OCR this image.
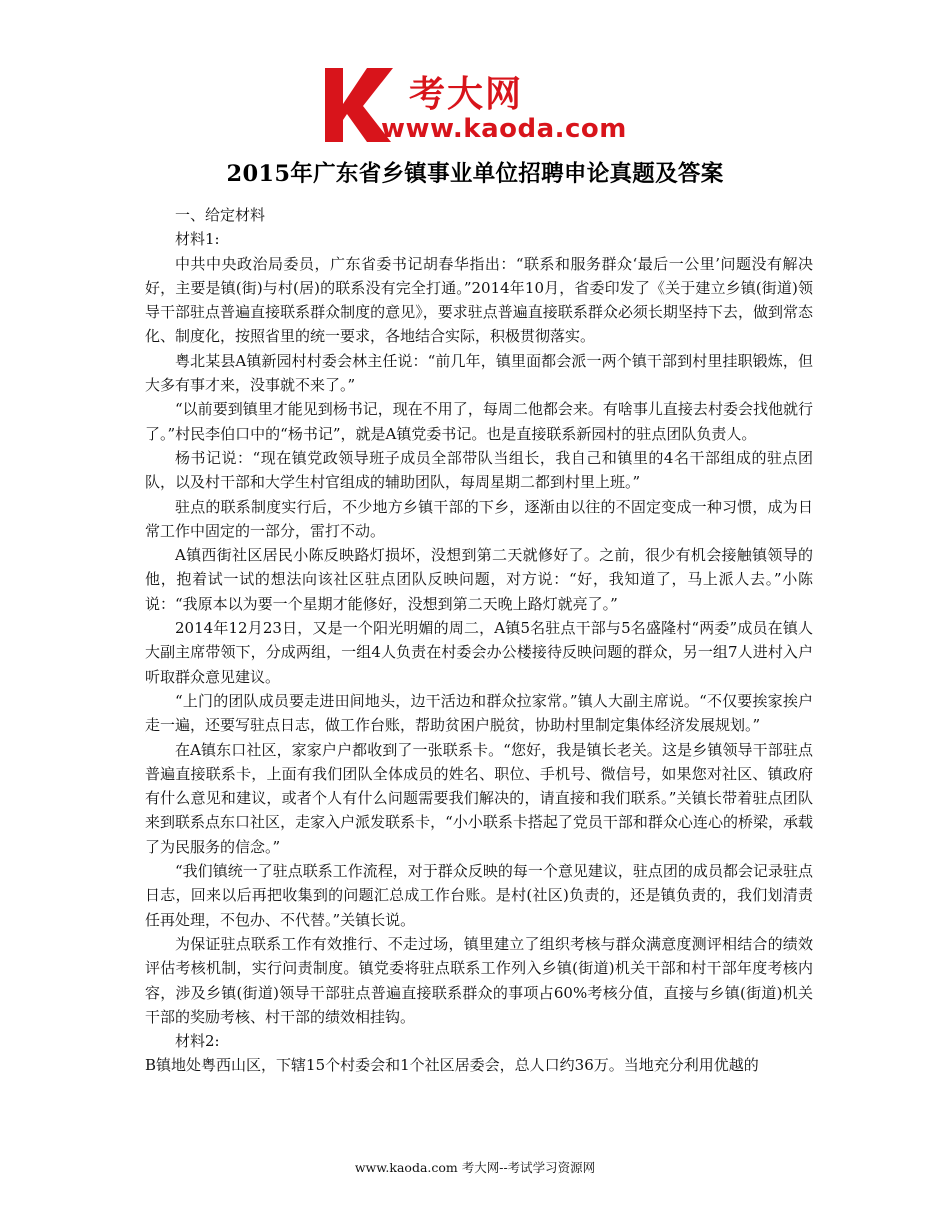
考大网
www.kaoda.com
2015年广东省乡镇事业单位招聘申论真题及答案

一、给定材料

材料1:

中共中央政治局委员，广东省委书记胡春华指出：“联系和服务群众‘最后一公里’问题没有解决好，主要是镇(街)与村(居)的联系没有完全打通。”2014年10月，省委印发了《关于建立乡镇(街道)领导干部驻点普遍直接联系群众制度的意见》，要求驻点普遍直接联系群众必须长期坚持下去，做到常态化、制度化，按照省里的统一要求，各地结合实际，积极贯彻落实。

粤北某县A镇新园村村委会林主任说：“前几年，镇里面都会派一两个镇干部到村里挂职锻炼，但大多有事才来，没事就不来了。”

“以前要到镇里才能见到杨书记，现在不用了，每周二他都会来。有啥事儿直接去村委会找他就行了。”村民李伯口中的“杨书记”，就是A镇党委书记。也是直接联系新园村的驻点团队负责人。

杨书记说：“现在镇党政领导班子成员全部带队当组长，我自己和镇里的4名干部组成的驻点团队，以及村干部和大学生村官组成的辅助团队，每周星期二都到村里上班。”

驻点的联系制度实行后，不少地方乡镇干部的下乡，逐渐由以往的不固定变成一种习惯，成为日常工作中固定的一部分，雷打不动。

A镇西街社区居民小陈反映路灯损坏，没想到第二天就修好了。之前，很少有机会接触镇领导的他，抱着试一试的想法向该社区驻点团队反映问题，对方说：“好，我知道了，马上派人去。”小陈说：“我原本以为要一个星期才能修好，没想到第二天晚上路灯就亮了。”

2014年12月23日，又是一个阳光明媚的周二，A镇5名驻点干部与5名盛隆村“两委”成员在镇人大副主席带领下，分成两组，一组4人负责在村委会办公楼接待反映问题的群众，另一组7人进村入户听取群众意见建议。

“上门的团队成员要走进田间地头，边干活边和群众拉家常。”镇人大副主席说。“不仅要挨家挨户走一遍，还要写驻点日志，做工作台账，帮助贫困户脱贫，协助村里制定集体经济发展规划。”

在A镇东口社区，家家户户都收到了一张联系卡。“您好，我是镇长老关。这是乡镇领导干部驻点普遍直接联系卡，上面有我们团队全体成员的姓名、职位、手机号、微信号，如果您对社区、镇政府有什么意见和建议，或者个人有什么问题需要我们解决的，请直接和我们联系。”关镇长带着驻点团队来到联系点东口社区，走家入户派发联系卡，“小小联系卡搭起了党员干部和群众心连心的桥梁，承载了为民服务的信念。”

“我们镇统一了驻点联系工作流程，对于群众反映的每一个意见建议，驻点团的成员都会记录驻点日志，回来以后再把收集到的问题汇总成工作台账。是村(社区)负责的，还是镇负责的，我们划清责任再处理，不包办、不代替。”关镇长说。

为保证驻点联系工作有效推行、不走过场，镇里建立了组织考核与群众满意度测评相结合的绩效评估考核机制，实行问责制度。镇党委将驻点联系工作列入乡镇(街道)机关干部和村干部年度考核内容，涉及乡镇(街道)领导干部驻点普遍直接联系群众的事项占60%考核分值，直接与乡镇(街道)机关干部的奖励考核、村干部的绩效相挂钩。

材料2:

B镇地处粤西山区，下辖15个村委会和1个社区居委会，总人口约36万。当地充分利用优越的

www.kaoda.com 考大网--考试学习资源网
